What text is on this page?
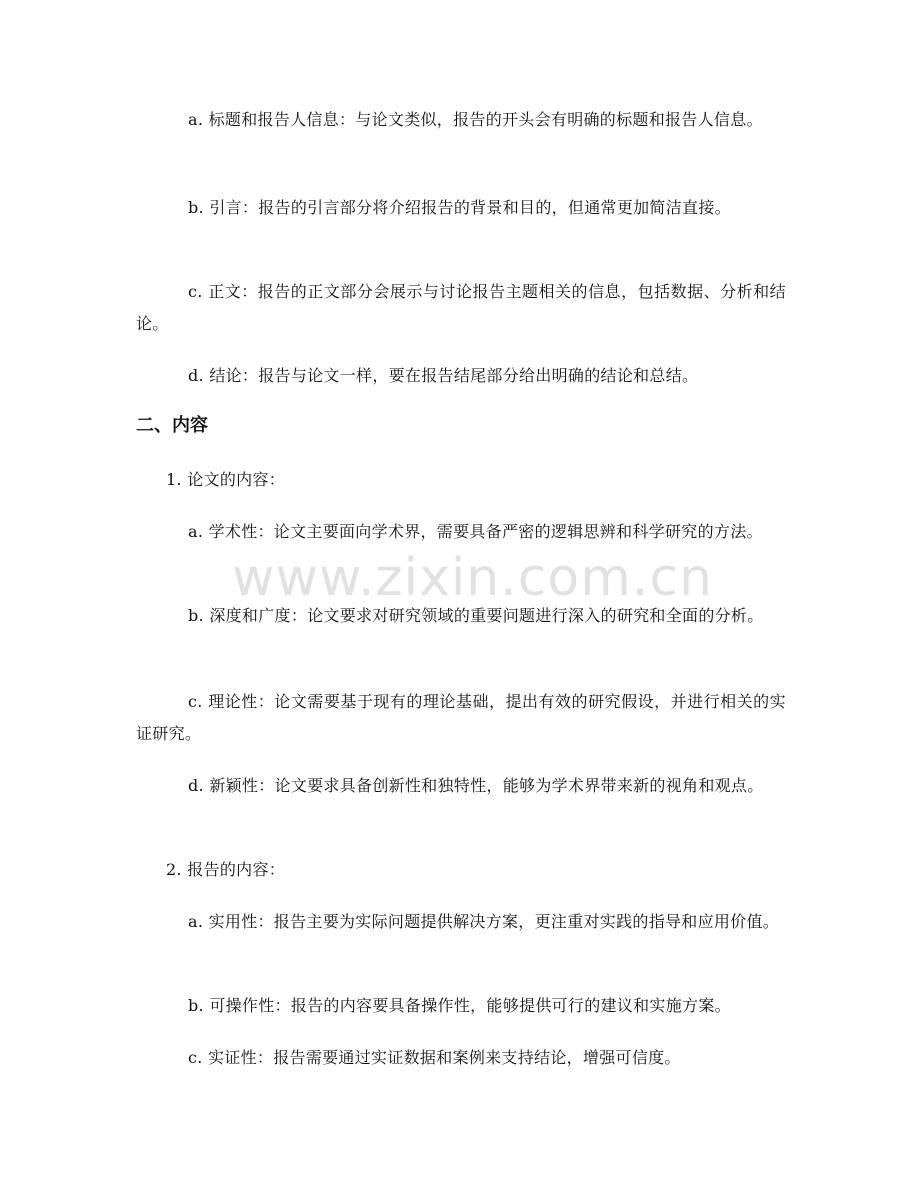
a. 标题和报告人信息：与论文类似，报告的开头会有明确的标题和报告人信息。

b. 引言：报告的引言部分将介绍报告的背景和目的，但通常更加简洁直接。

c. 正文：报告的正文部分会展示与讨论报告主题相关的信息，包括数据、分析和结论。

d. 结论：报告与论文一样，要在报告结尾部分给出明确的结论和总结。

二、内容

1. 论文的内容：

a. 学术性：论文主要面向学术界，需要具备严密的逻辑思辨和科学研究的方法。

b. 深度和广度：论文要求对研究领域的重要问题进行深入的研究和全面的分析。

c. 理论性：论文需要基于现有的理论基础，提出有效的研究假设，并进行相关的实证研究。

d. 新颖性：论文要求具备创新性和独特性，能够为学术界带来新的视角和观点。

2. 报告的内容：

a. 实用性：报告主要为实际问题提供解决方案，更注重对实践的指导和应用价值。

b. 可操作性：报告的内容要具备操作性，能够提供可行的建议和实施方案。

c. 实证性：报告需要通过实证数据和案例来支持结论，增强可信度。

www.zixin.com.cn
